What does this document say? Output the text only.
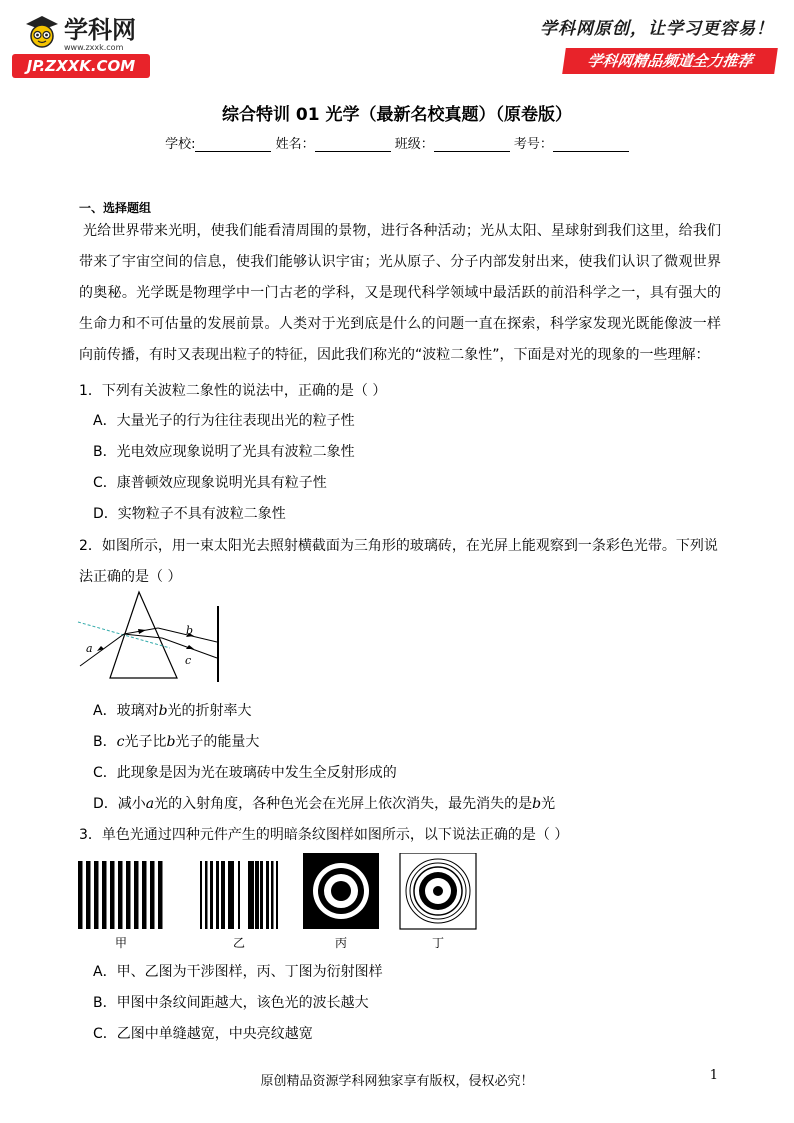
学科网
www.zxxk.com
JP.ZXXK.COM
学科网原创，让学习更容易！
学科网精品频道全力推荐
综合特训 01 光学（最新名校真题）（原卷版）
学校:	姓名：	班级：	考号：
一、选择题组
光给世界带来光明，使我们能看清周围的景物，进行各种活动；光从太阳、星球射到我们这里，给我们带来了宇宙空间的信息，使我们能够认识宇宙；光从原子、分子内部发射出来，使我们认识了微观世界的奥秘。光学既是物理学中一门古老的学科，又是现代科学领域中最活跃的前沿科学之一，具有强大的生命力和不可估量的发展前景。人类对于光到底是什么的问题一直在探索，科学家发现光既能像波一样向前传播，有时又表现出粒子的特征，因此我们称光的“波粒二象性”，下面是对光的现象的一些理解：
1．下列有关波粒二象性的说法中，正确的是（ ）
A．大量光子的行为往往表现出光的粒子性
B．光电效应现象说明了光具有波粒二象性
C．康普顿效应现象说明光具有粒子性
D．实物粒子不具有波粒二象性
2．如图所示，用一束太阳光去照射横截面为三角形的玻璃砖，在光屏上能观察到一条彩色光带。下列说
法正确的是（ ）
a
b
c
A．玻璃对b光的折射率大
B．c光子比b光子的能量大
C．此现象是因为光在玻璃砖中发生全反射形成的
D．减小a光的入射角度，各种色光会在光屏上依次消失，最先消失的是b光
3．单色光通过四种元件产生的明暗条纹图样如图所示，以下说法正确的是（ ）
甲	乙	丙	丁
A．甲、乙图为干涉图样，丙、丁图为衍射图样
B．甲图中条纹间距越大，该色光的波长越大
C．乙图中单缝越宽，中央亮纹越宽
原创精品资源学科网独家享有版权，侵权必究！	1
